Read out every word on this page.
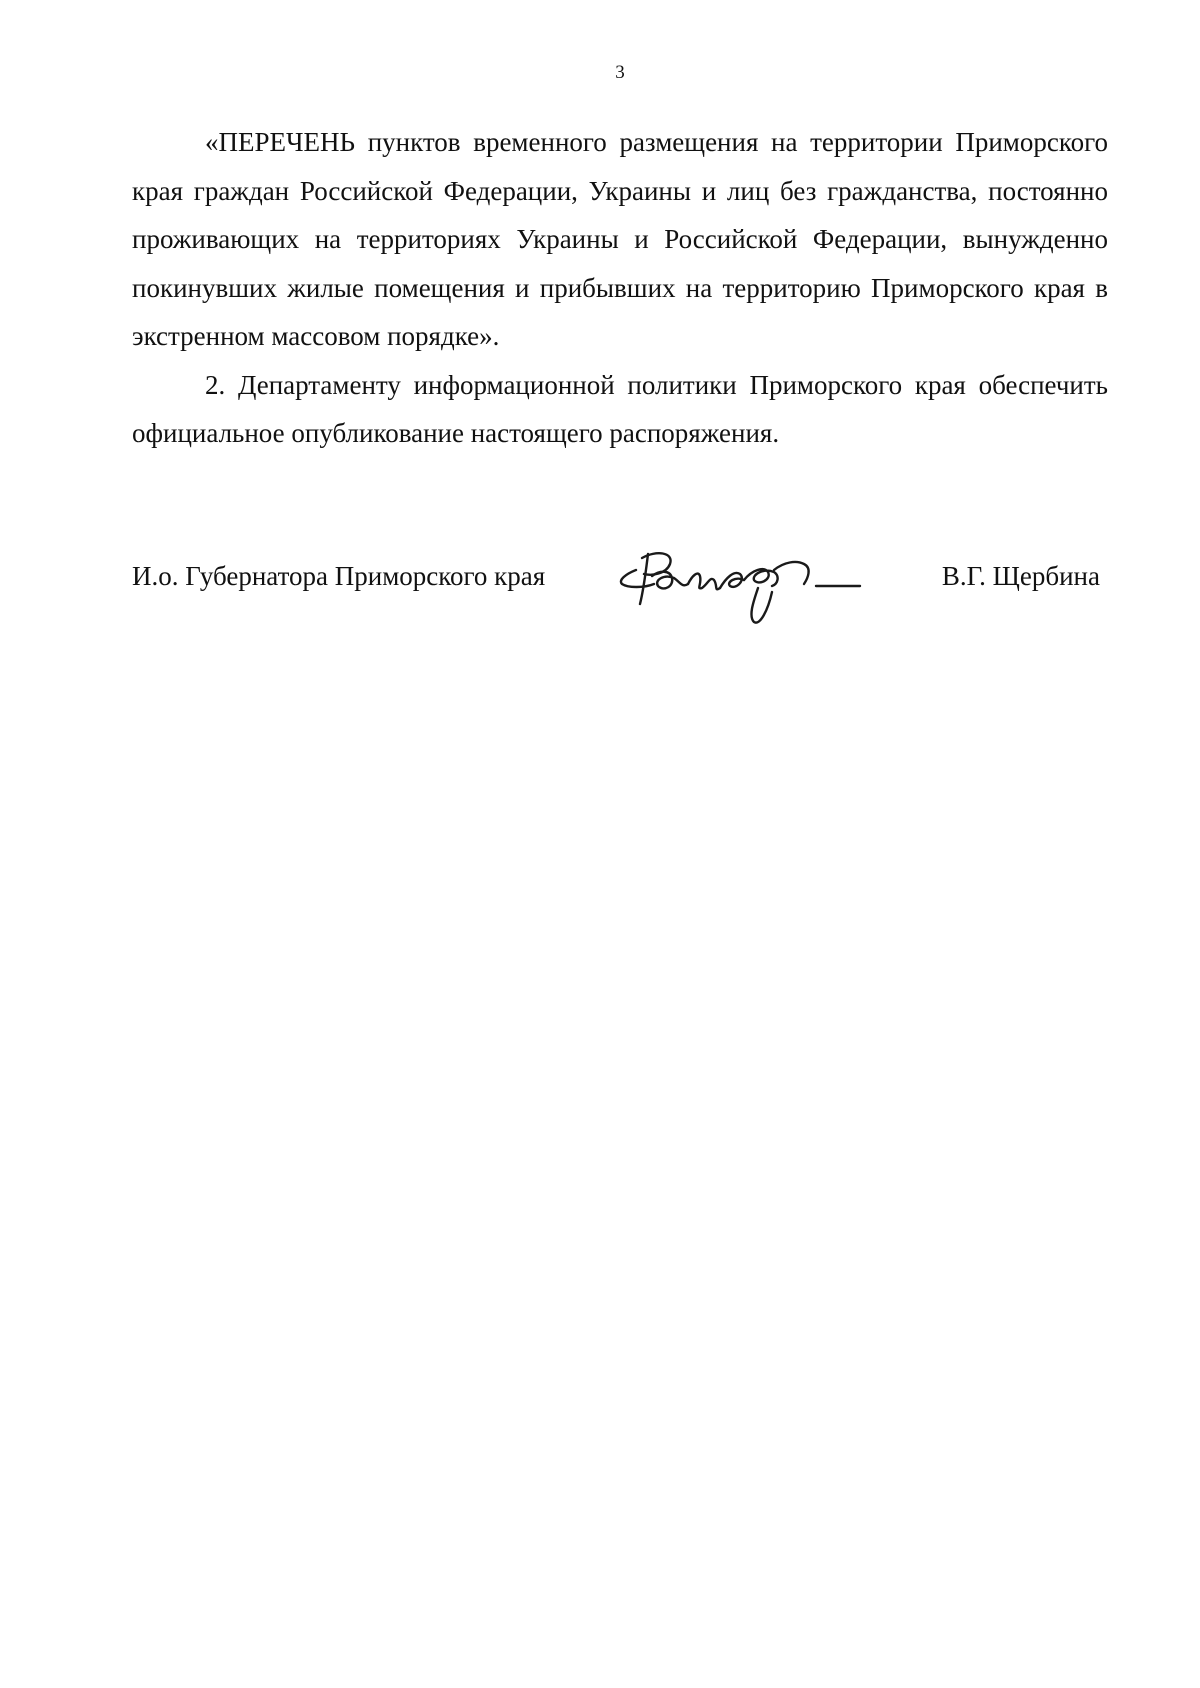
3

«ПЕРЕЧЕНЬ пунктов временного размещения на территории Приморского края граждан Российской Федерации, Украины и лиц без гражданства, постоянно проживающих на территориях Украины и Российской Федерации, вынужденно покинувших жилые помещения и прибывших на территорию Приморского края в экстренном массовом порядке».

2. Департаменту информационной политики Приморского края обеспечить официальное опубликование настоящего распоряжения.

И.о. Губернатора Приморского края	В.Г. Щербина
